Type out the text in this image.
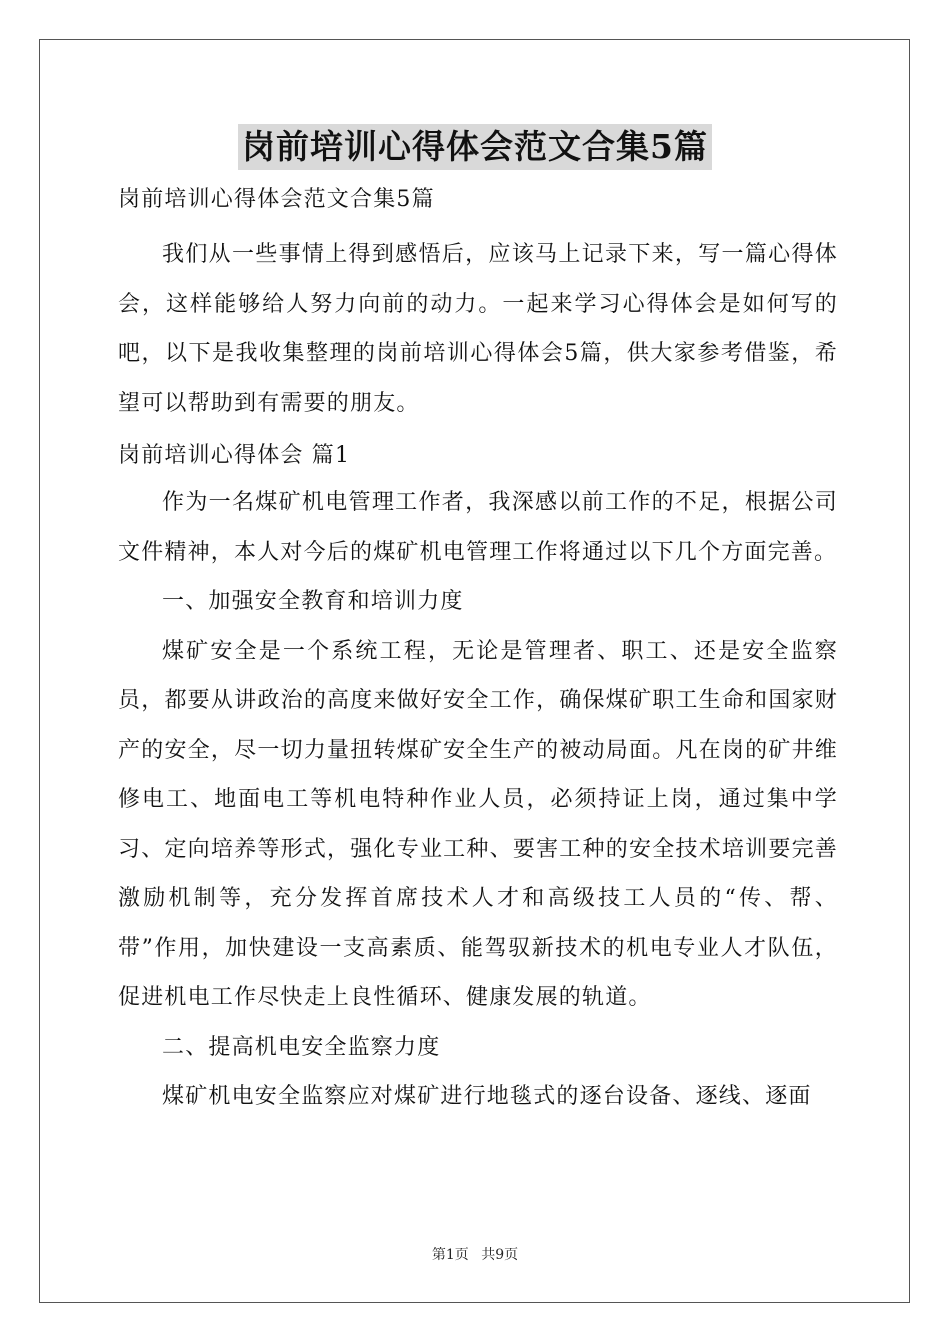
岗前培训心得体会范文合集5篇
岗前培训心得体会范文合集5篇
我们从一些事情上得到感悟后，应该马上记录下来，写一篇心得体会，这样能够给人努力向前的动力。一起来学习心得体会是如何写的吧，以下是我收集整理的岗前培训心得体会5篇，供大家参考借鉴，希望可以帮助到有需要的朋友。
岗前培训心得体会 篇1
作为一名煤矿机电管理工作者，我深感以前工作的不足，根据公司文件精神，本人对今后的煤矿机电管理工作将通过以下几个方面完善。
一、加强安全教育和培训力度
煤矿安全是一个系统工程，无论是管理者、职工、还是安全监察员，都要从讲政治的高度来做好安全工作，确保煤矿职工生命和国家财产的安全，尽一切力量扭转煤矿安全生产的被动局面。凡在岗的矿井维修电工、地面电工等机电特种作业人员，必须持证上岗，通过集中学习、定向培养等形式，强化专业工种、要害工种的安全技术培训要完善激励机制等，充分发挥首席技术人才和高级技工人员的“传、帮、带”作用，加快建设一支高素质、能驾驭新技术的机电专业人才队伍，促进机电工作尽快走上良性循环、健康发展的轨道。
二、提高机电安全监察力度
煤矿机电安全监察应对煤矿进行地毯式的逐台设备、逐线、逐面
第1页 共9页
